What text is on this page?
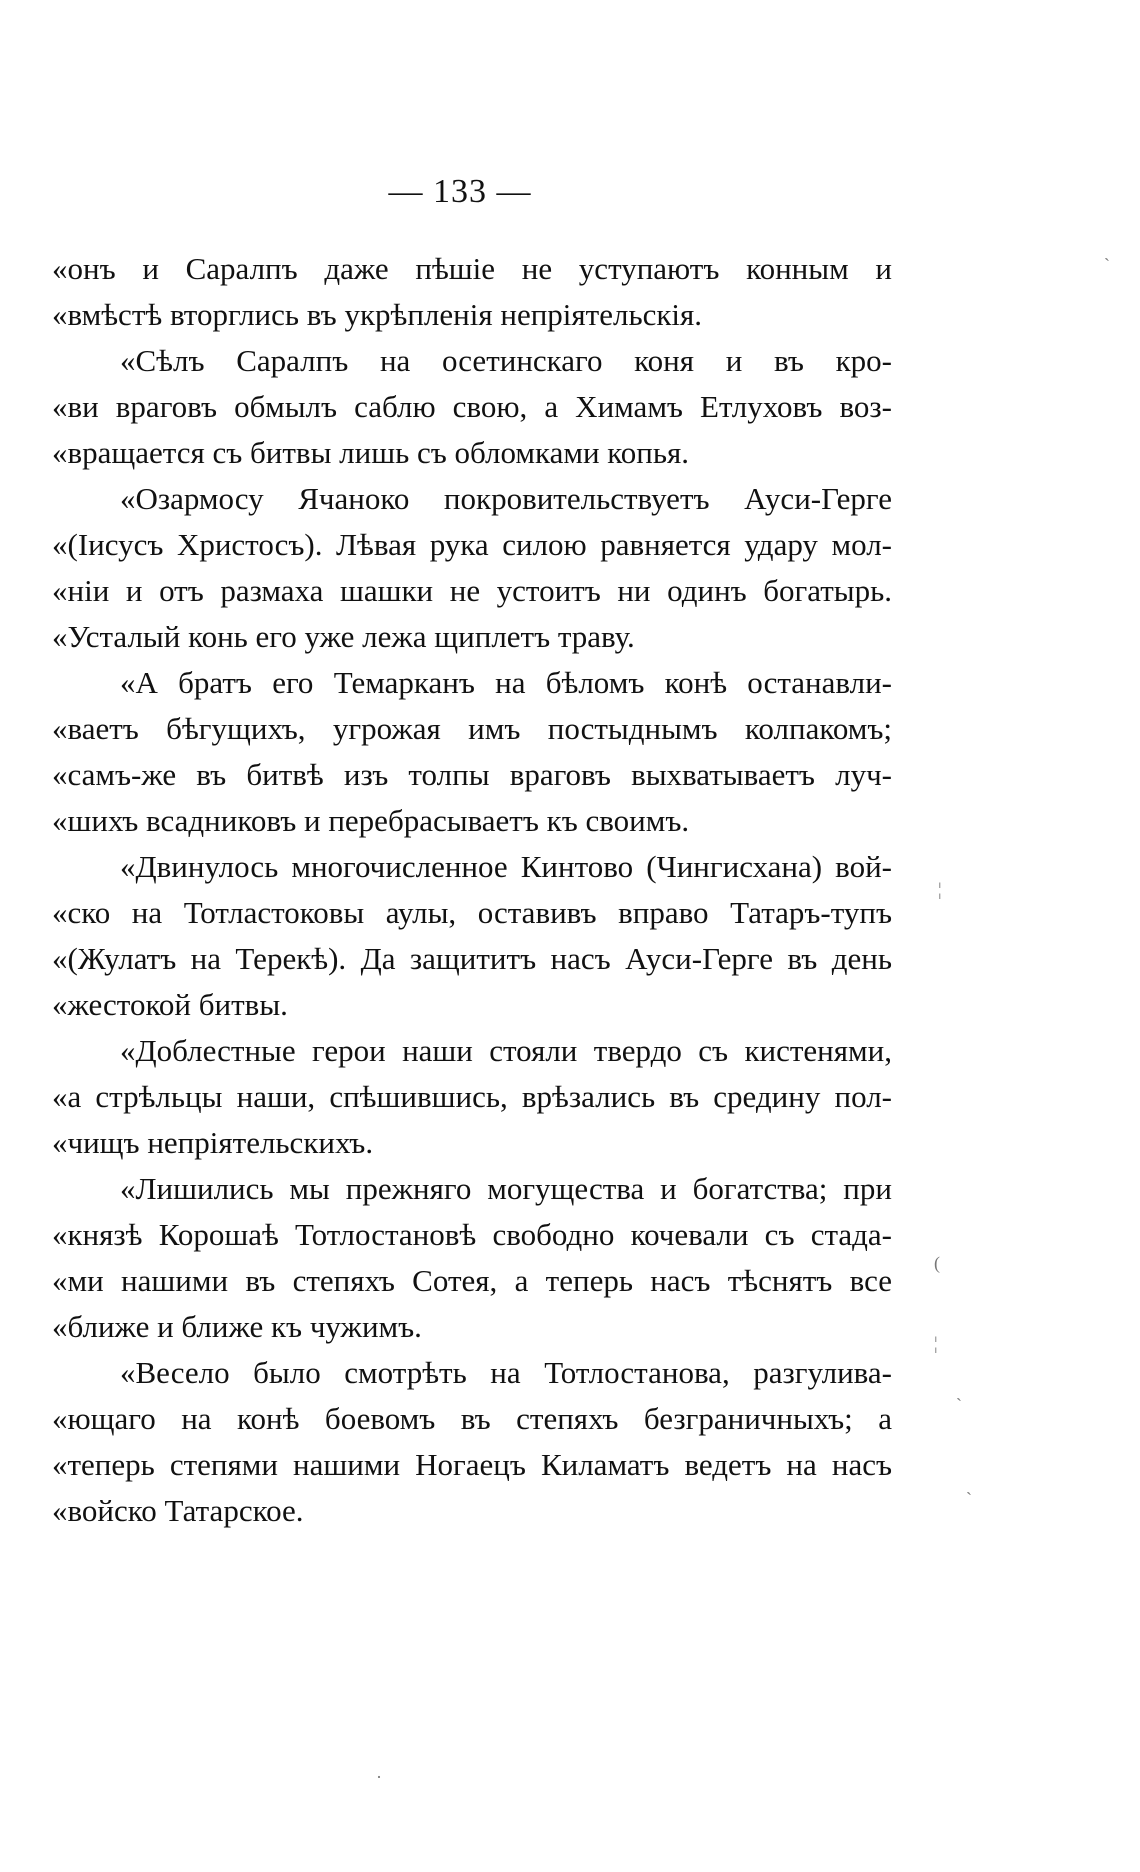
— 133 —
«онъ и Саралпъ даже пѣшіе не уступаютъ конным и
«вмѣстѣ вторглись въ укрѣпленія непріятельскія.
«Сѣлъ Саралпъ на осетинскаго коня и въ кро-
«ви враговъ обмылъ саблю свою, а Химамъ Етлуховъ воз-
«вращается съ битвы лишь съ обломками копья.
«Озармосу Ячаноко покровительствуетъ Ауси-Герге
«(Іисусъ Христосъ). Лѣвая рука силою равняется удару мол-
«ніи и отъ размаха шашки не устоитъ ни одинъ богатырь.
«Усталый конь его уже лежа щиплетъ траву.
«А братъ его Темарканъ на бѣломъ конѣ останавли-
«ваетъ бѣгущихъ, угрожая имъ постыднымъ колпакомъ;
«самъ-же въ битвѣ изъ толпы враговъ выхватываетъ луч-
«шихъ всадниковъ и перебрасываетъ къ своимъ.
«Двинулось многочисленное Кинтово (Чингисхана) вой-
«ско на Тотластоковы аулы, оставивъ вправо Татаръ-тупъ
«(Жулатъ на Терекѣ). Да защититъ насъ Ауси-Герге въ день
«жестокой битвы.
«Доблестные герои наши стояли твердо съ кистенями,
«а стрѣльцы наши, спѣшившись, врѣзались въ средину пол-
«чищъ непріятельскихъ.
«Лишились мы прежняго могущества и богатства; при
«князѣ Корошаѣ Тотлостановѣ свободно кочевали съ стада-
«ми нашими въ степяхъ Сотея, а теперь насъ тѣснятъ все
«ближе и ближе къ чужимъ.
«Весело было смотрѣть на Тотлостанова, разгулива-
«ющаго на конѣ боевомъ въ степяхъ безграничныхъ; а
«теперь степями нашими Ногаецъ Киламатъ ведетъ на насъ
«войско Татарское.
ˏ
¦
(
¦
`
ˏ
·
